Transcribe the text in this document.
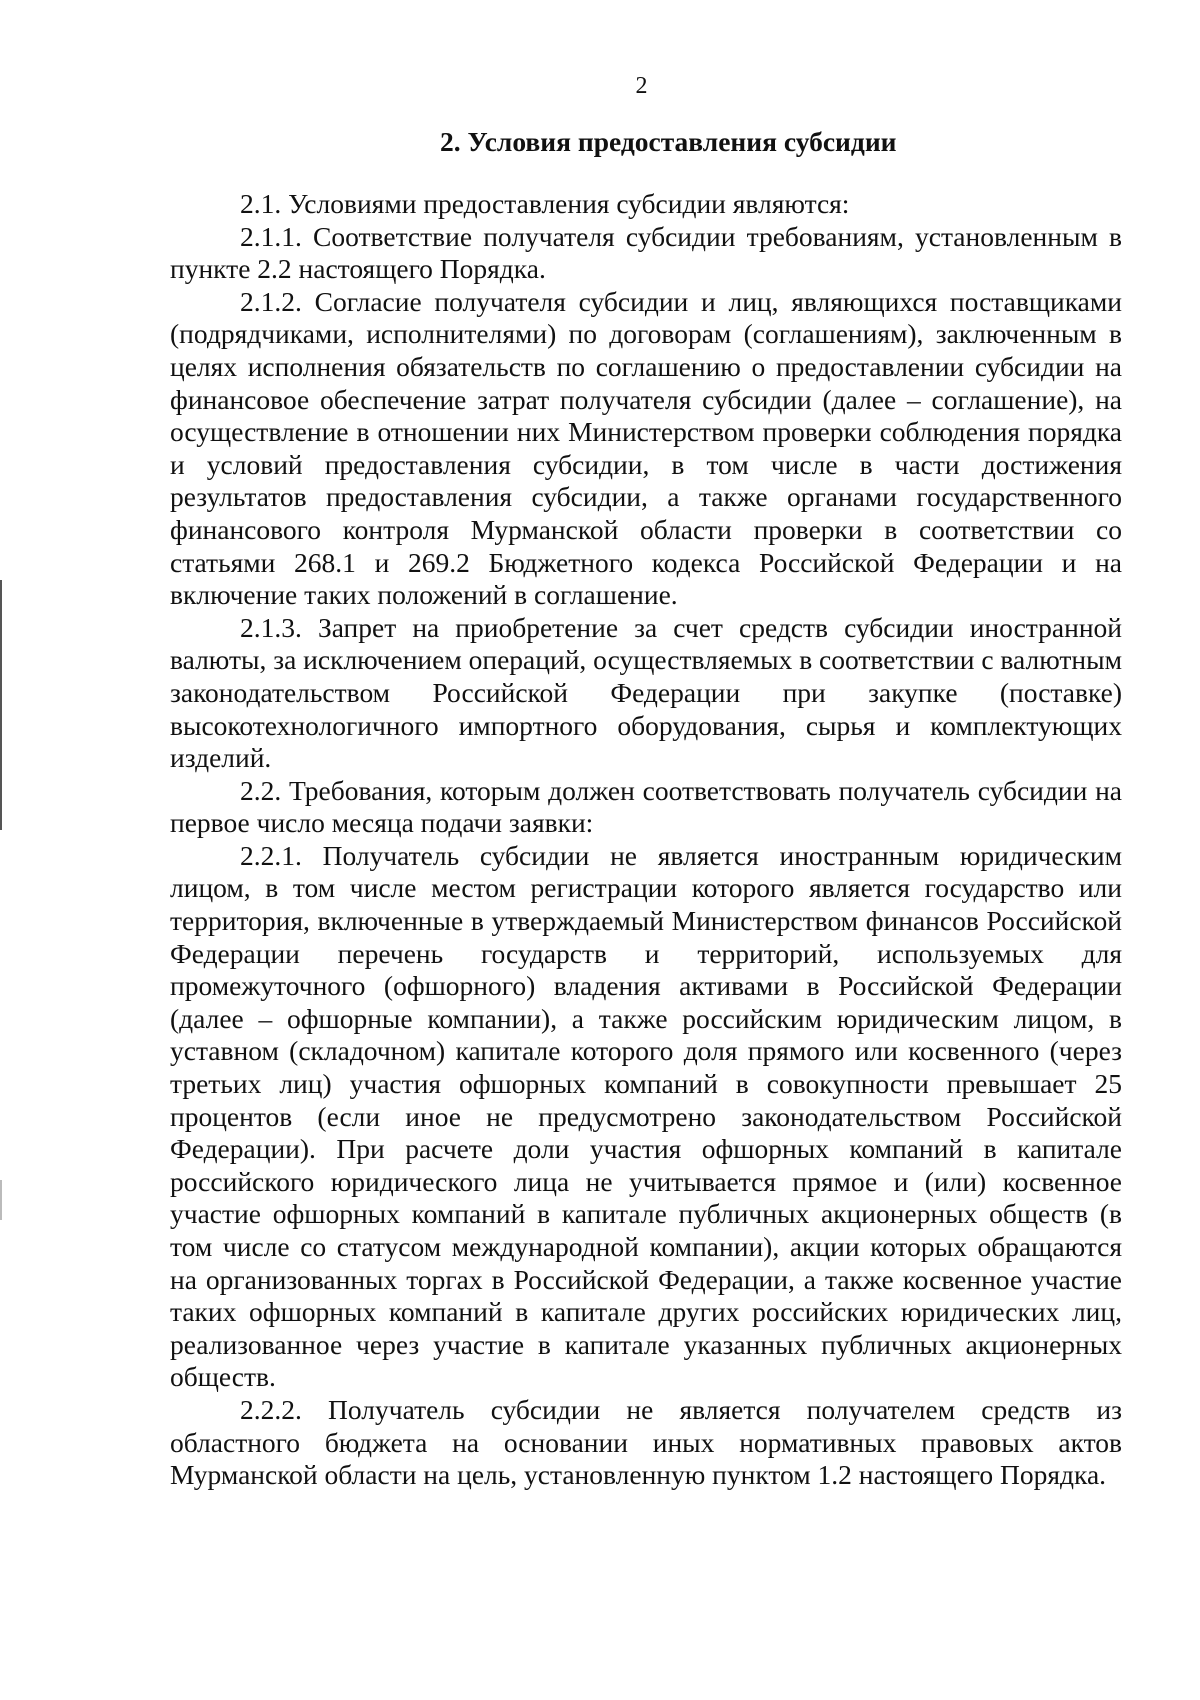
2
2. Условия предоставления субсидии

2.1. Условиями предоставления субсидии являются:

2.1.1. Соответствие получателя субсидии требованиям, установленным в пункте 2.2 настоящего Порядка.

2.1.2. Согласие получателя субсидии и лиц, являющихся поставщиками (подрядчиками, исполнителями) по договорам (соглашениям), заключенным в целях исполнения обязательств по соглашению о предоставлении субсидии на финансовое обеспечение затрат получателя субсидии (далее – соглашение), на осуществление в отношении них Министерством проверки соблюдения порядка и условий предоставления субсидии, в том числе в части достижения результатов предоставления субсидии, а также органами государственного финансового контроля Мурманской области проверки в соответствии со статьями 268.1 и 269.2 Бюджетного кодекса Российской Федерации и на включение таких положений в соглашение.

2.1.3. Запрет на приобретение за счет средств субсидии иностранной валюты, за исключением операций, осуществляемых в соответствии с валютным законодательством Российской Федерации при закупке (поставке) высокотехнологичного импортного оборудования, сырья и комплектующих изделий.

2.2. Требования, которым должен соответствовать получатель субсидии на первое число месяца подачи заявки:

2.2.1. Получатель субсидии не является иностранным юридическим лицом, в том числе местом регистрации которого является государство или территория, включенные в утверждаемый Министерством финансов Российской Федерации перечень государств и территорий, используемых для промежуточного (офшорного) владения активами в Российской Федерации (далее – офшорные компании), а также российским юридическим лицом, в уставном (складочном) капитале которого доля прямого или косвенного (через третьих лиц) участия офшорных компаний в совокупности превышает 25 процентов (если иное не предусмотрено законодательством Российской Федерации). При расчете доли участия офшорных компаний в капитале российского юридического лица не учитывается прямое и (или) косвенное участие офшорных компаний в капитале публичных акционерных обществ (в том числе со статусом международной компании), акции которых обращаются на организованных торгах в Российской Федерации, а также косвенное участие таких офшорных компаний в капитале других российских юридических лиц, реализованное через участие в капитале указанных публичных акционерных обществ.

2.2.2. Получатель субсидии не является получателем средств из областного бюджета на основании иных нормативных правовых актов Мурманской области на цель, установленную пунктом 1.2 настоящего Порядка.
